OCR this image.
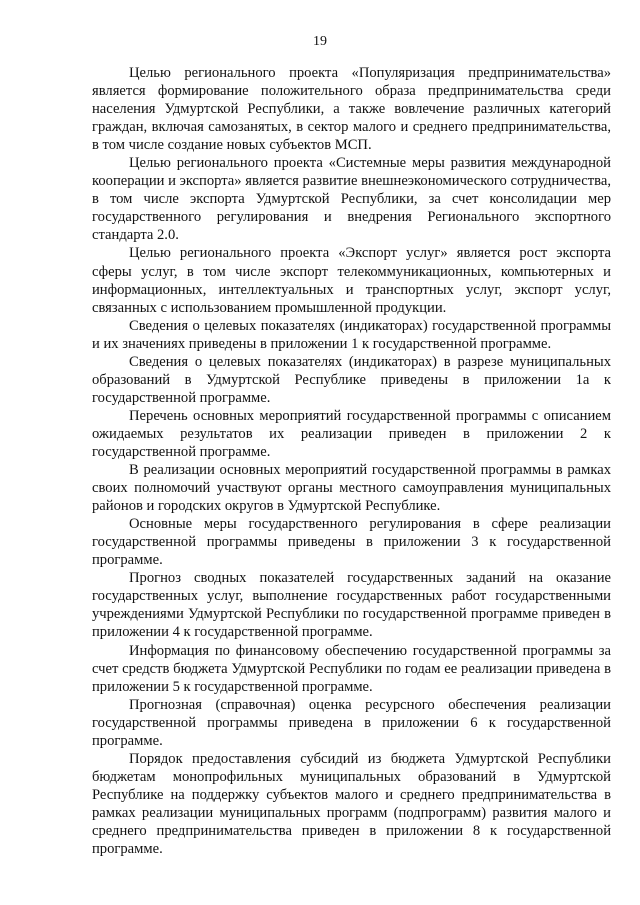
19

Целью регионального проекта «Популяризация предпринимательства» является формирование положительного образа предпринимательства среди населения Удмуртской Республики, а также вовлечение различных категорий граждан, включая самозанятых, в сектор малого и среднего предпринимательства, в том числе создание новых субъектов МСП.

Целью регионального проекта «Системные меры развития международной кооперации и экспорта» является развитие внешнеэкономического сотрудничества, в том числе экспорта Удмуртской Республики, за счет консолидации мер государственного регулирования и внедрения Регионального экспортного стандарта 2.0.

Целью регионального проекта «Экспорт услуг» является рост экспорта сферы услуг, в том числе экспорт телекоммуникационных, компьютерных и информационных, интеллектуальных и транспортных услуг, экспорт услуг, связанных с использованием промышленной продукции.

Сведения о целевых показателях (индикаторах) государственной программы и их значениях приведены в приложении 1 к государственной программе.

Сведения о целевых показателях (индикаторах) в разрезе муниципальных образований в Удмуртской Республике приведены в приложении 1а к государственной программе.

Перечень основных мероприятий государственной программы с описанием ожидаемых результатов их реализации приведен в приложении 2 к государственной программе.

В реализации основных мероприятий государственной программы в рамках своих полномочий участвуют органы местного самоуправления муниципальных районов и городских округов в Удмуртской Республике.

Основные меры государственного регулирования в сфере реализации государственной программы приведены в приложении 3 к государственной программе.

Прогноз сводных показателей государственных заданий на оказание государственных услуг, выполнение государственных работ государственными учреждениями Удмуртской Республики по государственной программе приведен в приложении 4 к государственной программе.

Информация по финансовому обеспечению государственной программы за счет средств бюджета Удмуртской Республики по годам ее реализации приведена в приложении 5 к государственной программе.

Прогнозная (справочная) оценка ресурсного обеспечения реализации государственной программы приведена в приложении 6 к государственной программе.

Порядок предоставления субсидий из бюджета Удмуртской Республики бюджетам монопрофильных муниципальных образований в Удмуртской Республике на поддержку субъектов малого и среднего предпринимательства в рамках реализации муниципальных программ (подпрограмм) развития малого и среднего предпринимательства приведен в приложении 8 к государственной программе.
